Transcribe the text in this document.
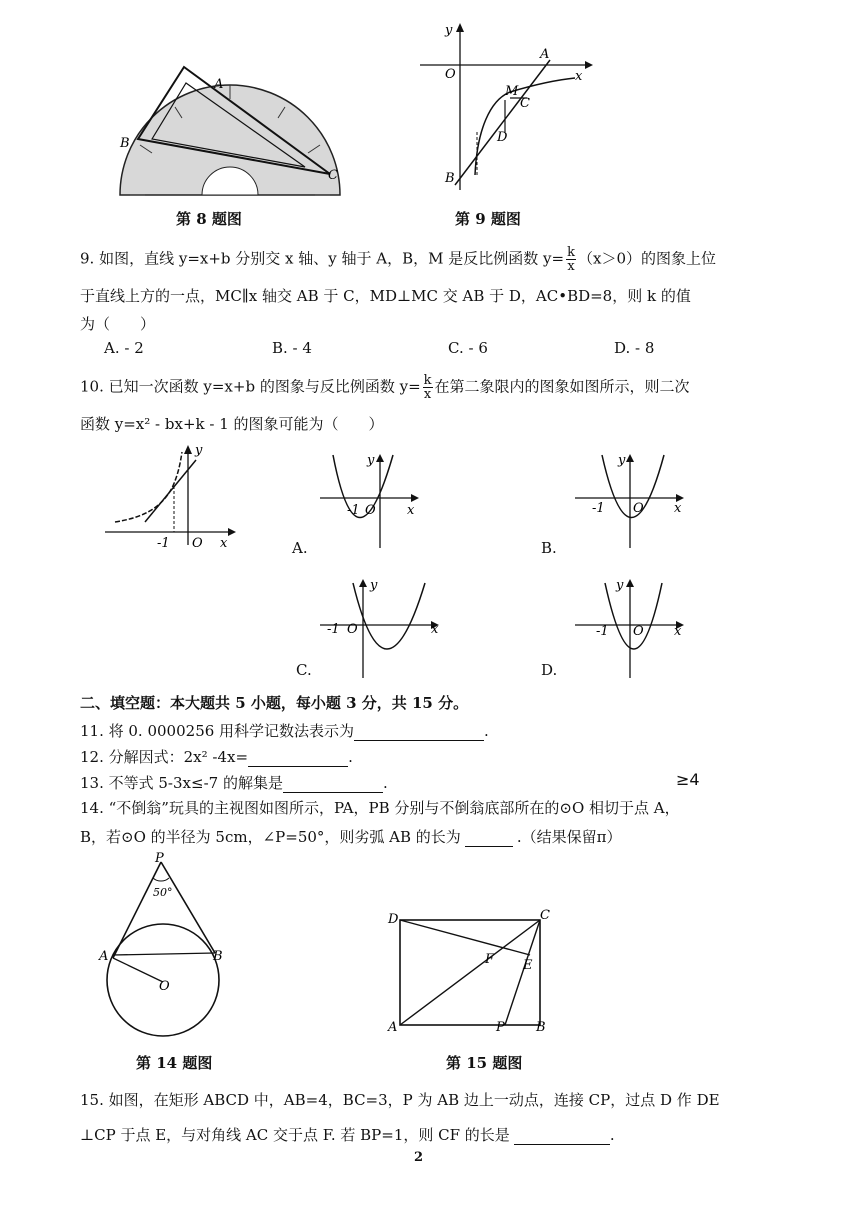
A
B
C
第 8 题图
y
x
O
A
M
C
D
B
第 9 题图
9. 如图，直线 y=x+b 分别交 x 轴、y 轴于 A，B，M 是反比例函数 $y= \frac{k}{x} (x>0)$的图象上位
于直线上方的一点，MC∥x 轴交 AB 于 C，MD⊥MC 交 AB 于 D，AC•BD=8，则 k 的值
为（　　）
A. - 2	B. - 4	C. - 6	D. - 8
10. 已知一次函数 y=x+b 的图象与反比例函数 $y= \frac{k}{x}$ 在第二象限内的图象如图所示，则二次
函数 y=x² - bx+k - 1 的图象可能为（　　）
y
x
-1 O
y
x
-1 O
A.
y
x
-1 O
B.
y
x
-1 O
C.
y
x
-1 O
D.
二、填空题：本大题共 5 小题，每小题 3 分，共 15 分。
11. 将 0. 0000256 用科学记数法表示为	.
12. 分解因式：2x² -4x=	.
13. 不等式 5-3x≤-7 的解集是	.	≥4
14. “不倒翁”玩具的主视图如图所示，PA，PB 分别与不倒翁底部所在的⊙O 相切于点 A，
B，若⊙O 的半径为 5cm，∠P=50°，则劣弧 AB 的长为	.（结果保留π）
P
50°
A	B
O
第 14 题图
D	C
F E
A	P B
第 15 题图
15. 如图，在矩形 ABCD 中，AB=4，BC=3，P 为 AB 边上一动点，连接 CP，过点 D 作 DE
⊥CP 于点 E，与对角线 AC 交于点 F. 若 BP=1，则 CF 的长是	.
2
